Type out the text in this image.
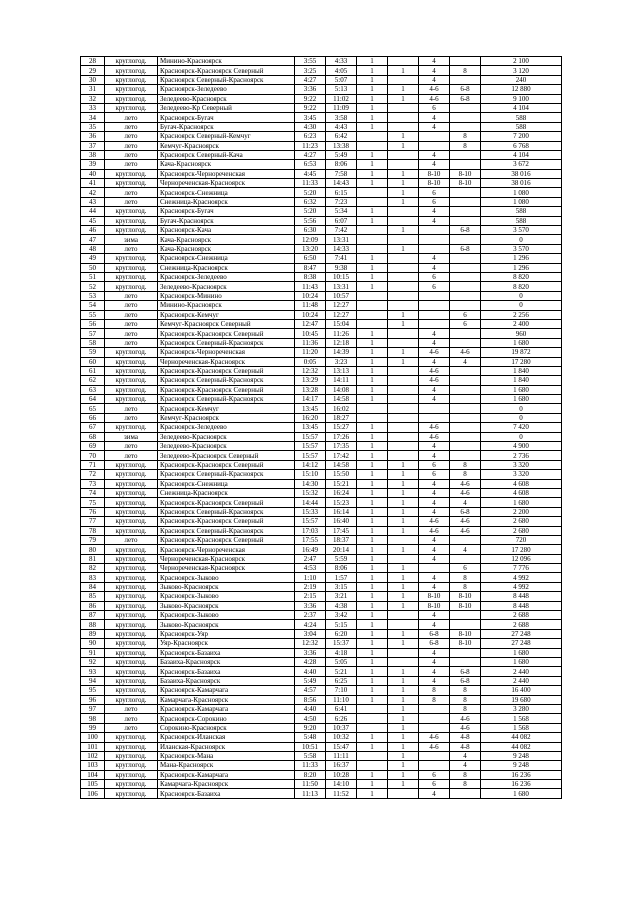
28	круглогод.	Минино-Красноярск	3:55	4:33	1		4		2 100
29	круглогод.	Красноярск-Красноярск Северный	3:25	4:05	1	1	4	8	3 120
30	круглогод.	Красноярск Северный-Красноярск	4:27	5:07	1		4		240
31	круглогод.	Красноярск-Зеледеево	3:36	5:13	1	1	4-6	6-8	12 880
32	круглогод.	Зеледеево-Красноярск	9:22	11:02	1	1	4-6	6-8	9 100
33	круглогод.	Зеледеево-Кр Северный	9:22	11:09	1		6		4 104
34	лето	Красноярск-Бугач	3:45	3:58	1		4		588
35	лето	Бугач-Красноярск	4:30	4:43	1		4		588
36	лето	Красноярск Северный-Кемчуг	6:23	6:42		1		8	7 200
37	лето	Кемчуг-Красноярск	11:23	13:38		1		8	6 768
38	лето	Красноярск Северный-Кача	4:27	5:49	1		4		4 104
39	лето	Кача-Красноярск	6:53	8:06	1		4		3 672
40	круглогод.	Красноярск-Чернореченская	4:45	7:58	1	1	8-10	8-10	38 016
41	круглогод.	Чернореченская-Красноярск	11:33	14:43	1	1	8-10	8-10	38 016
42	лето	Красноярск-Снежница	5:20	6:15		1	6		1 080
43	лето	Снежница-Красноярск	6:32	7:23		1	6		1 080
44	круглогод.	Красноярск-Бугач	5:20	5:34	1		4		588
45	круглогод.	Бугач-Красноярск	5:56	6:07	1		4		588
46	круглогод.	Красноярск-Кача	6:30	7:42		1		6-8	3 570
47	зима	Кача-Красноярск	12:09	13:31					0
48	лето	Кача-Красноярск	13:20	14:33		1		6-8	3 570
49	круглогод.	Красноярск-Снежница	6:50	7:41	1		4		1 296
50	круглогод.	Снежница-Красноярск	8:47	9:38	1		4		1 296
51	круглогод.	Красноярск-Зеледеево	8:38	10:15	1		6		8 820
52	круглогод.	Зеледеево-Красноярск	11:43	13:31	1		6		8 820
53	лето	Красноярск-Минино	10:24	10:57					0
54	лето	Минино-Красноярск	11:48	12:27					0
55	лето	Красноярск-Кемчуг	10:24	12:27		1		6	2 256
56	лето	Кемчуг-Красноярск Северный	12:47	15:04		1		6	2 400
57	лето	Красноярск-Красноярск Северный	10:45	11:26	1		4		960
58	лето	Красноярск Северный-Красноярск	11:36	12:18	1		4		1 680
59	круглогод.	Красноярск-Чернореченская	11:20	14:39	1	1	4-6	4-6	19 872
60	круглогод.	Чернореченская-Красноярск	0:05	3:23	1	1	4	4	17 280
61	круглогод.	Красноярск-Красноярск Северный	12:32	13:13	1		4-6		1 840
62	круглогод.	Красноярск Северный-Красноярск	13:29	14:11	1		4-6		1 840
63	круглогод.	Красноярск-Красноярск Северный	13:28	14:08	1		4		1 680
64	круглогод.	Красноярск Северный-Красноярск	14:17	14:58	1		4		1 680
65	лето	Красноярск-Кемчуг	13:45	16:02					0
66	лето	Кемчуг-Красноярск	16:20	18:27					0
67	круглогод.	Красноярск-Зеледеево	13:45	15:27	1		4-6		7 420
68	зима	Зеледеево-Красноярск	15:57	17:26	1		4-6		0
69	лето	Зеледеево-Красноярск	15:57	17:35	1		4		4 900
70	лето	Зеледеево-Красноярск Северный	15:57	17:42	1		4		2 736
71	круглогод.	Красноярск-Красноярск Северный	14:12	14:58	1	1	6	8	3 320
72	круглогод.	Красноярск Северный-Красноярск	15:10	15:50	1	1	6	8	3 320
73	круглогод.	Красноярск-Снежница	14:30	15:21	1	1	4	4-6	4 608
74	круглогод.	Снежница-Красноярск	15:32	16:24	1	1	4	4-6	4 608
75	круглогод.	Красноярск-Красноярск Северный	14:44	15:23	1	1	4	4	1 680
76	круглогод.	Красноярск Северный-Красноярск	15:33	16:14	1	1	4	6-8	2 200
77	круглогод.	Красноярск-Красноярск Северный	15:57	16:40	1	1	4-6	4-6	2 680
78	круглогод.	Красноярск Северный-Красноярск	17:03	17:45	1	1	4-6	4-6	2 680
79	лето	Красноярск-Красноярск Северный	17:55	18:37	1		4		720
80	круглогод.	Красноярск-Чернореченская	16:49	20:14	1	1	4	4	17 280
81	круглогод.	Чернореченская-Красноярск	2:47	5:59	1		4		12 096
82	круглогод.	Чернореченская-Красноярск	4:53	8:06	1	1		6	7 776
83	круглогод.	Красноярск-Зыково	1:10	1:57	1	1	4	8	4 992
84	круглогод.	Зыково-Красноярск	2:19	3:15	1	1	4	8	4 992
85	круглогод.	Красноярск-Зыково	2:15	3:21	1	1	8-10	8-10	8 448
86	круглогод.	Зыково-Красноярск	3:36	4:38	1	1	8-10	8-10	8 448
87	круглогод.	Красноярск-Зыково	2:37	3:42	1		4		2 688
88	круглогод.	Зыково-Красноярск	4:24	5:15	1		4		2 688
89	круглогод.	Красноярск-Уяр	3:04	6:20	1	1	6-8	8-10	27 248
90	круглогод.	Уяр-Красноярск	12:32	15:37	1	1	6-8	8-10	27 248
91	круглогод.	Красноярск-Базаиха	3:36	4:18	1		4		1 680
92	круглогод.	Базаиха-Красноярск	4:28	5:05	1		4		1 680
93	круглогод.	Красноярск-Базаиха	4:40	5:21	1	1	4	6-8	2 440
94	круглогод.	Базаиха-Красноярск	5:49	6:25	1	1	4	6-8	2 440
95	круглогод.	Красноярск-Камарчага	4:57	7:10	1	1	8	8	16 400
96	круглогод.	Камарчага-Красноярск	8:56	11:10	1	1	8	8	19 680
97	лето	Красноярск-Камарчага	4:40	6:41		1		8	3 280
98	лето	Красноярск-Сорокино	4:50	6:26		1		4-6	1 568
99	лето	Сорокино-Красноярск	9:20	10:37		1		4-6	1 568
100	круглогод.	Красноярск-Иланская	5:48	10:32	1	1	4-6	4-8	44 082
101	круглогод.	Иланская-Красноярск	10:51	15:47	1	1	4-6	4-8	44 082
102	круглогод.	Красноярск-Мана	5:58	11:11		1		4	9 248
103	круглогод.	Мана-Красноярск	11:33	16:37		1		4	9 248
104	круглогод.	Красноярск-Камарчага	8:20	10:28	1	1	6	8	16 236
105	круглогод.	Камарчага-Красноярск	11:50	14:10	1	1	6	8	16 236
106	круглогод.	Красноярск-Базаиха	11:13	11:52	1		4		1 680
